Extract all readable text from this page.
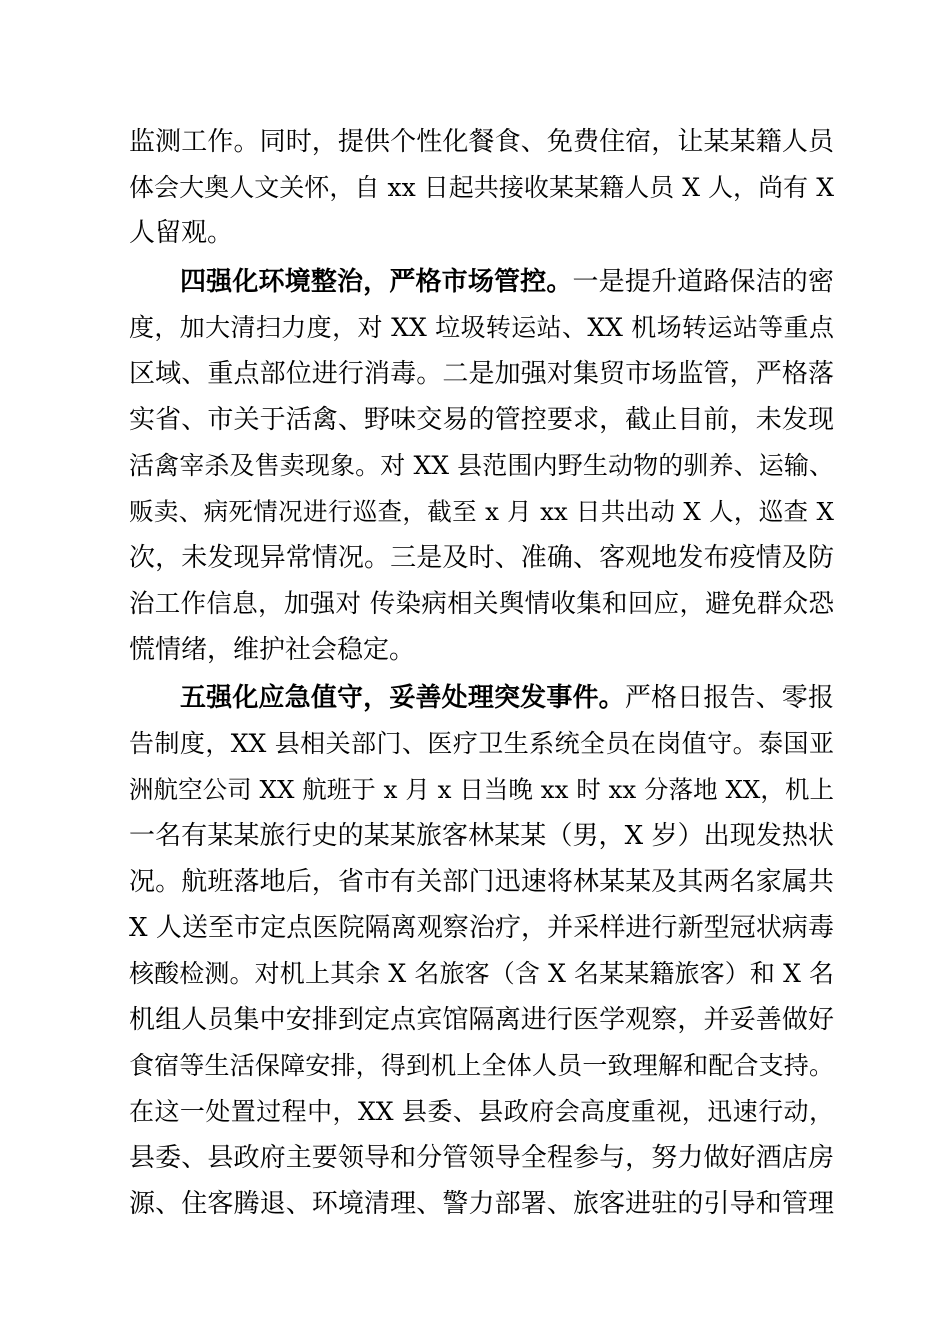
监测工作。同时，提供个性化餐食、免费住宿，让某某籍人员
体会大奥人文关怀，自 xx 日起共接收某某籍人员 X 人，尚有 X
人留观。
四强化环境整治，严格市场管控。一是提升道路保洁的密
度，加大清扫力度，对 XX 垃圾转运站、XX 机场转运站等重点
区域、重点部位进行消毒。二是加强对集贸市场监管，严格落
实省、市关于活禽、野味交易的管控要求，截止目前，未发现
活禽宰杀及售卖现象。对 XX 县范围内野生动物的驯养、运输、
贩卖、病死情况进行巡查，截至 x 月 xx 日共出动 X 人，巡查 X
次，未发现异常情况。三是及时、准确、客观地发布疫情及防
治工作信息，加强对 传染病相关舆情收集和回应，避免群众恐
慌情绪，维护社会稳定。
五强化应急值守，妥善处理突发事件。严格日报告、零报
告制度，XX 县相关部门、医疗卫生系统全员在岗值守。泰国亚
洲航空公司 XX 航班于 x 月 x 日当晚 xx 时 xx 分落地 XX，机上
一名有某某旅行史的某某旅客林某某（男，X 岁）出现发热状
况。航班落地后，省市有关部门迅速将林某某及其两名家属共
X 人送至市定点医院隔离观察治疗，并采样进行新型冠状病毒
核酸检测。对机上其余 X 名旅客（含 X 名某某籍旅客）和 X 名
机组人员集中安排到定点宾馆隔离进行医学观察，并妥善做好
食宿等生活保障安排，得到机上全体人员一致理解和配合支持。
在这一处置过程中，XX 县委、县政府会高度重视，迅速行动，
县委、县政府主要领导和分管领导全程参与，努力做好酒店房
源、住客腾退、环境清理、警力部署、旅客进驻的引导和管理
